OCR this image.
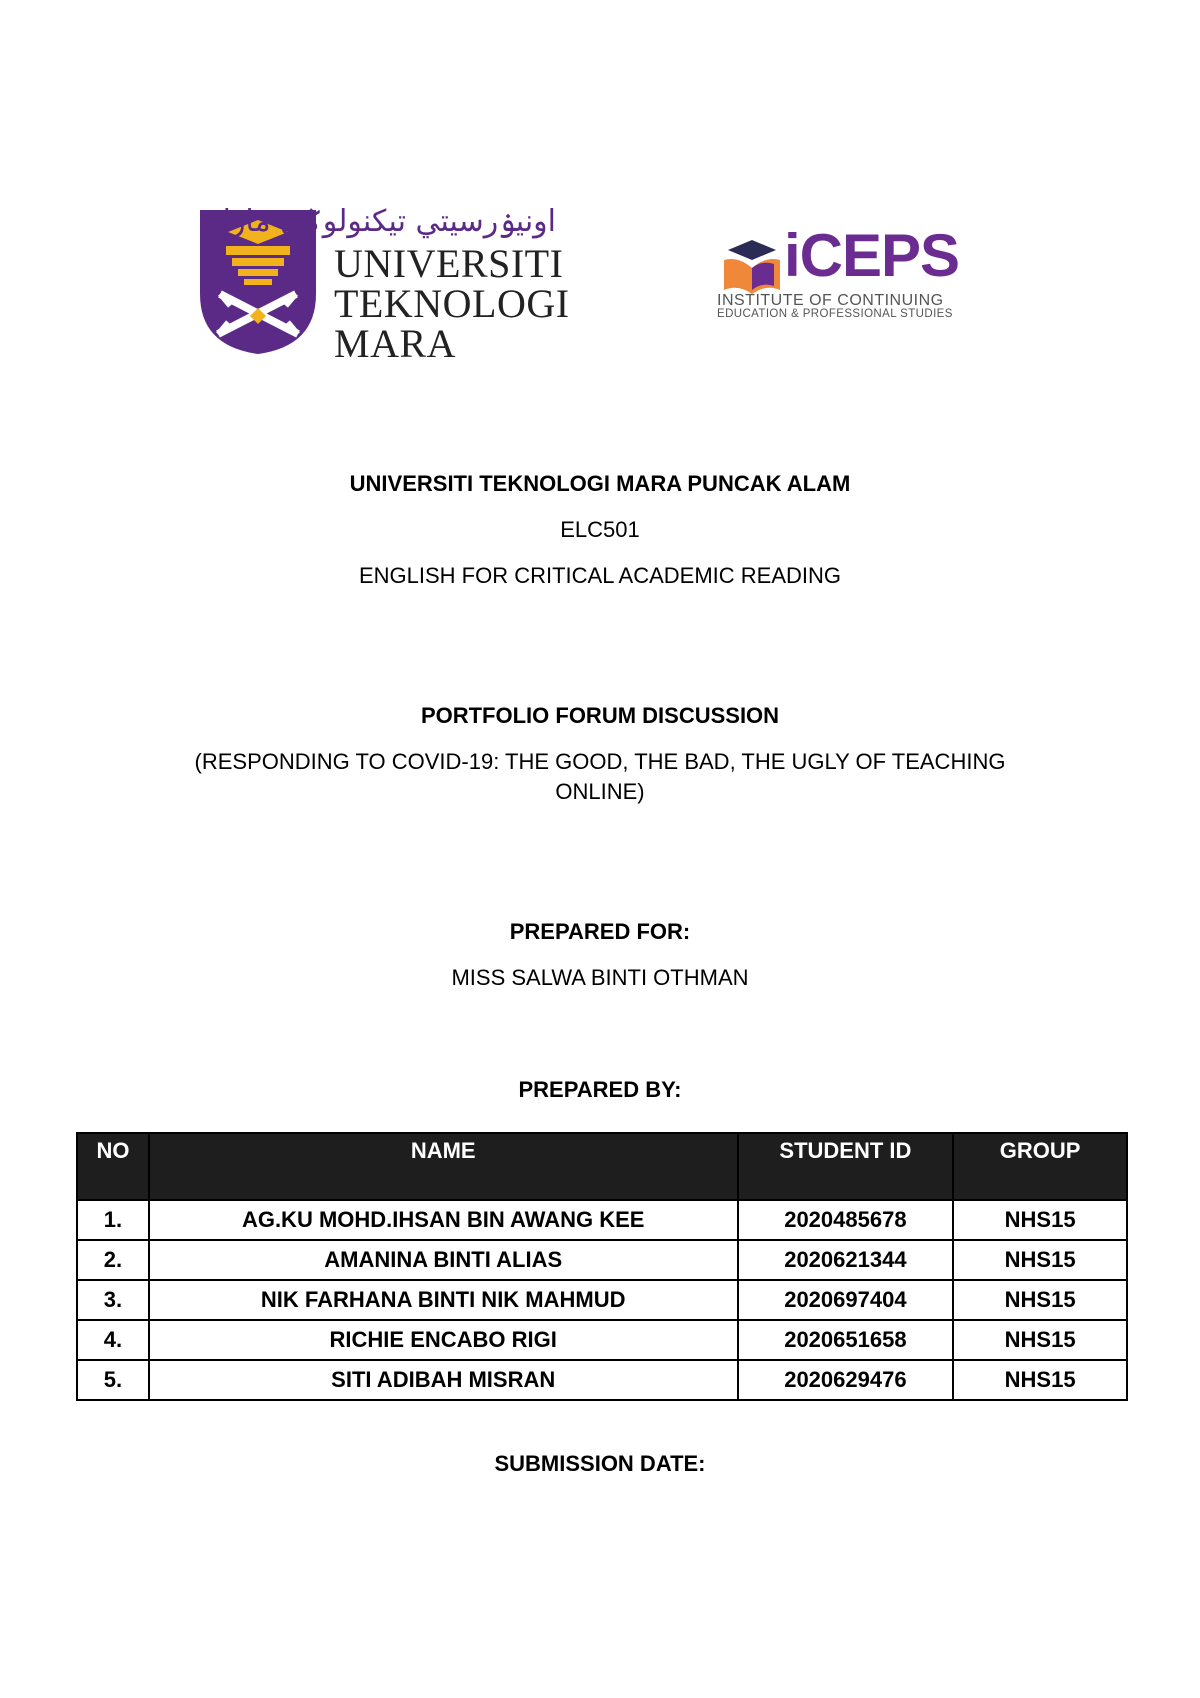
اونيۏرسيتي تيكنولوݢي مارا
UNIVERSITI
TEKNOLOGI
MARA
iCEPS
INSTITUTE OF CONTINUING
EDUCATION & PROFESSIONAL STUDIES
UNIVERSITI TEKNOLOGI MARA PUNCAK ALAM
ELC501
ENGLISH FOR CRITICAL ACADEMIC READING
PORTFOLIO FORUM DISCUSSION
(RESPONDING TO COVID-19: THE GOOD, THE BAD, THE UGLY OF TEACHING
ONLINE)
PREPARED FOR:
MISS SALWA BINTI OTHMAN
PREPARED BY:
NO	NAME	STUDENT ID	GROUP
1.	AG.KU MOHD.IHSAN BIN AWANG KEE	2020485678	NHS15
2.	AMANINA BINTI ALIAS	2020621344	NHS15
3.	NIK FARHANA BINTI NIK MAHMUD	2020697404	NHS15
4.	RICHIE ENCABO RIGI	2020651658	NHS15
5.	SITI ADIBAH MISRAN	2020629476	NHS15
SUBMISSION DATE:
